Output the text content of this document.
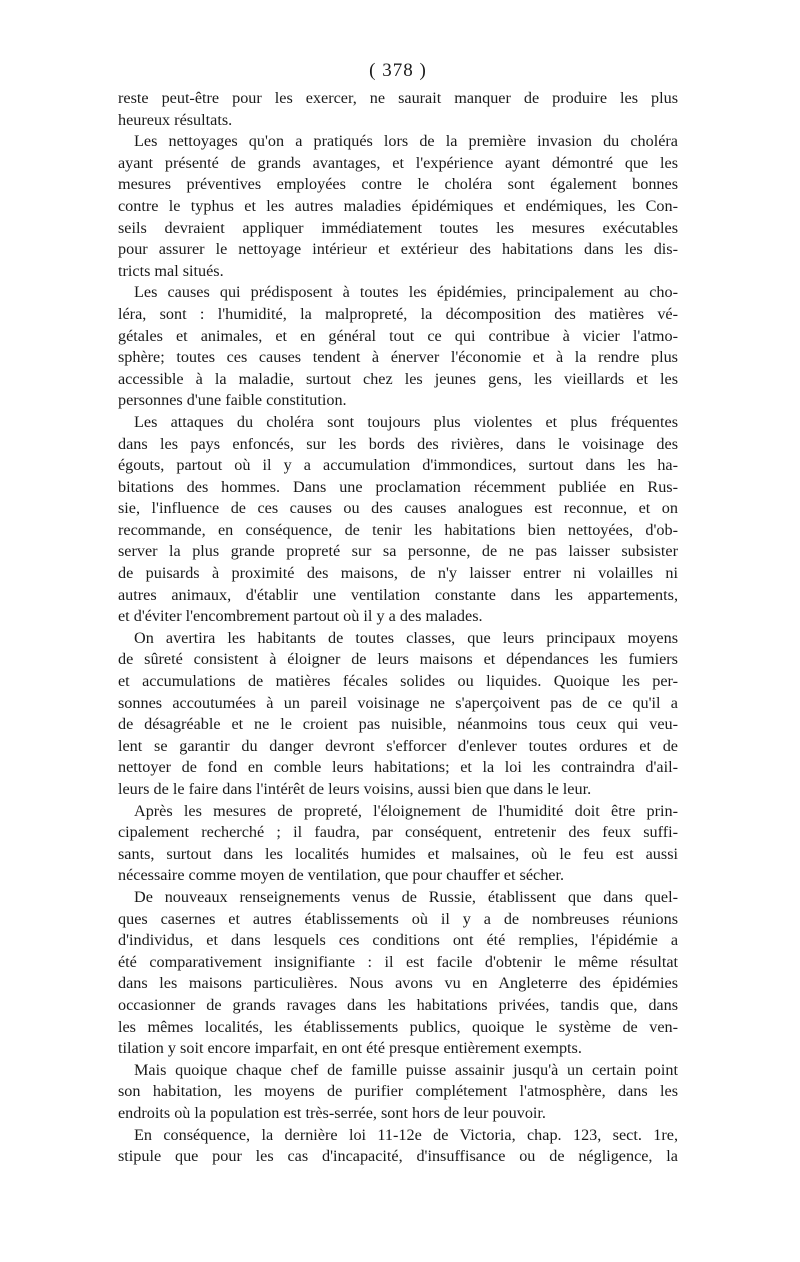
( 378 )
reste peut-être pour les exercer, ne saurait manquer de produire les plus
heureux résultats.
Les nettoyages qu'on a pratiqués lors de la première invasion du choléra
ayant présenté de grands avantages, et l'expérience ayant démontré que les
mesures préventives employées contre le choléra sont également bonnes
contre le typhus et les autres maladies épidémiques et endémiques, les Con-
seils devraient appliquer immédiatement toutes les mesures exécutables
pour assurer le nettoyage intérieur et extérieur des habitations dans les dis-
tricts mal situés.
Les causes qui prédisposent à toutes les épidémies, principalement au cho-
léra, sont : l'humidité, la malpropreté, la décomposition des matières vé-
gétales et animales, et en général tout ce qui contribue à vicier l'atmo-
sphère; toutes ces causes tendent à énerver l'économie et à la rendre plus
accessible à la maladie, surtout chez les jeunes gens, les vieillards et les
personnes d'une faible constitution.
Les attaques du choléra sont toujours plus violentes et plus fréquentes
dans les pays enfoncés, sur les bords des rivières, dans le voisinage des
égouts, partout où il y a accumulation d'immondices, surtout dans les ha-
bitations des hommes. Dans une proclamation récemment publiée en Rus-
sie, l'influence de ces causes ou des causes analogues est reconnue, et on
recommande, en conséquence, de tenir les habitations bien nettoyées, d'ob-
server la plus grande propreté sur sa personne, de ne pas laisser subsister
de puisards à proximité des maisons, de n'y laisser entrer ni volailles ni
autres animaux, d'établir une ventilation constante dans les appartements,
et d'éviter l'encombrement partout où il y a des malades.
On avertira les habitants de toutes classes, que leurs principaux moyens
de sûreté consistent à éloigner de leurs maisons et dépendances les fumiers
et accumulations de matières fécales solides ou liquides. Quoique les per-
sonnes accoutumées à un pareil voisinage ne s'aperçoivent pas de ce qu'il a
de désagréable et ne le croient pas nuisible, néanmoins tous ceux qui veu-
lent se garantir du danger devront s'efforcer d'enlever toutes ordures et de
nettoyer de fond en comble leurs habitations; et la loi les contraindra d'ail-
leurs de le faire dans l'intérêt de leurs voisins, aussi bien que dans le leur.
Après les mesures de propreté, l'éloignement de l'humidité doit être prin-
cipalement recherché ; il faudra, par conséquent, entretenir des feux suffi-
sants, surtout dans les localités humides et malsaines, où le feu est aussi
nécessaire comme moyen de ventilation, que pour chauffer et sécher.
De nouveaux renseignements venus de Russie, établissent que dans quel-
ques casernes et autres établissements où il y a de nombreuses réunions
d'individus, et dans lesquels ces conditions ont été remplies, l'épidémie a
été comparativement insignifiante : il est facile d'obtenir le même résultat
dans les maisons particulières. Nous avons vu en Angleterre des épidémies
occasionner de grands ravages dans les habitations privées, tandis que, dans
les mêmes localités, les établissements publics, quoique le système de ven-
tilation y soit encore imparfait, en ont été presque entièrement exempts.
Mais quoique chaque chef de famille puisse assainir jusqu'à un certain point
son habitation, les moyens de purifier complétement l'atmosphère, dans les
endroits où la population est très-serrée, sont hors de leur pouvoir.
En conséquence, la dernière loi 11-12e de Victoria, chap. 123, sect. 1re,
stipule que pour les cas d'incapacité, d'insuffisance ou de négligence, la
